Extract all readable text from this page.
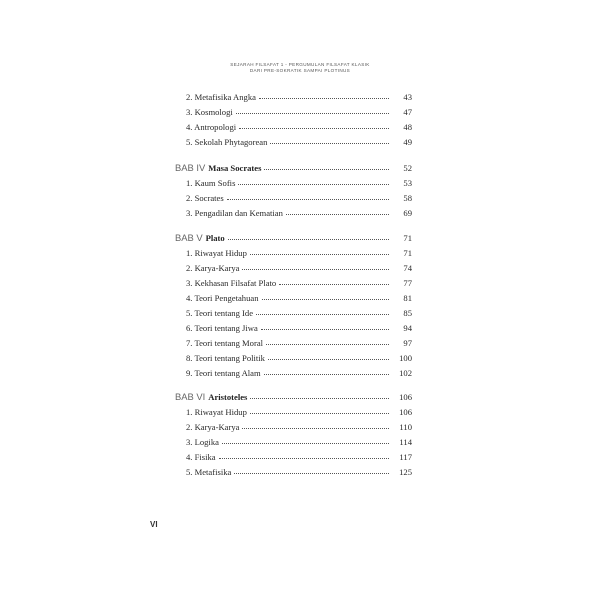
SEJARAH FILSAFAT 1 - PERGUMULAN FILSAFAT KLASIK
DARI PRE-SOKRATIK SAMPAI PLOTINUS
2. Metafisika Angka	43
3. Kosmologi	47
4. Antropologi	48
5. Sekolah Phytagorean	49
BAB IV Masa Socrates	52
1. Kaum Sofis	53
2. Socrates	58
3. Pengadilan dan Kematian	69
BAB V Plato	71
1. Riwayat Hidup	71
2. Karya-Karya	74
3. Kekhasan Filsafat Plato	77
4. Teori Pengetahuan	81
5. Teori tentang Ide	85
6. Teori tentang Jiwa	94
7. Teori tentang Moral	97
8. Teori tentang Politik	100
9. Teori tentang Alam	102
BAB VI Aristoteles	106
1. Riwayat Hidup	106
2. Karya-Karya	110
3. Logika	114
4. Fisika	117
5. Metafisika	125
VI
